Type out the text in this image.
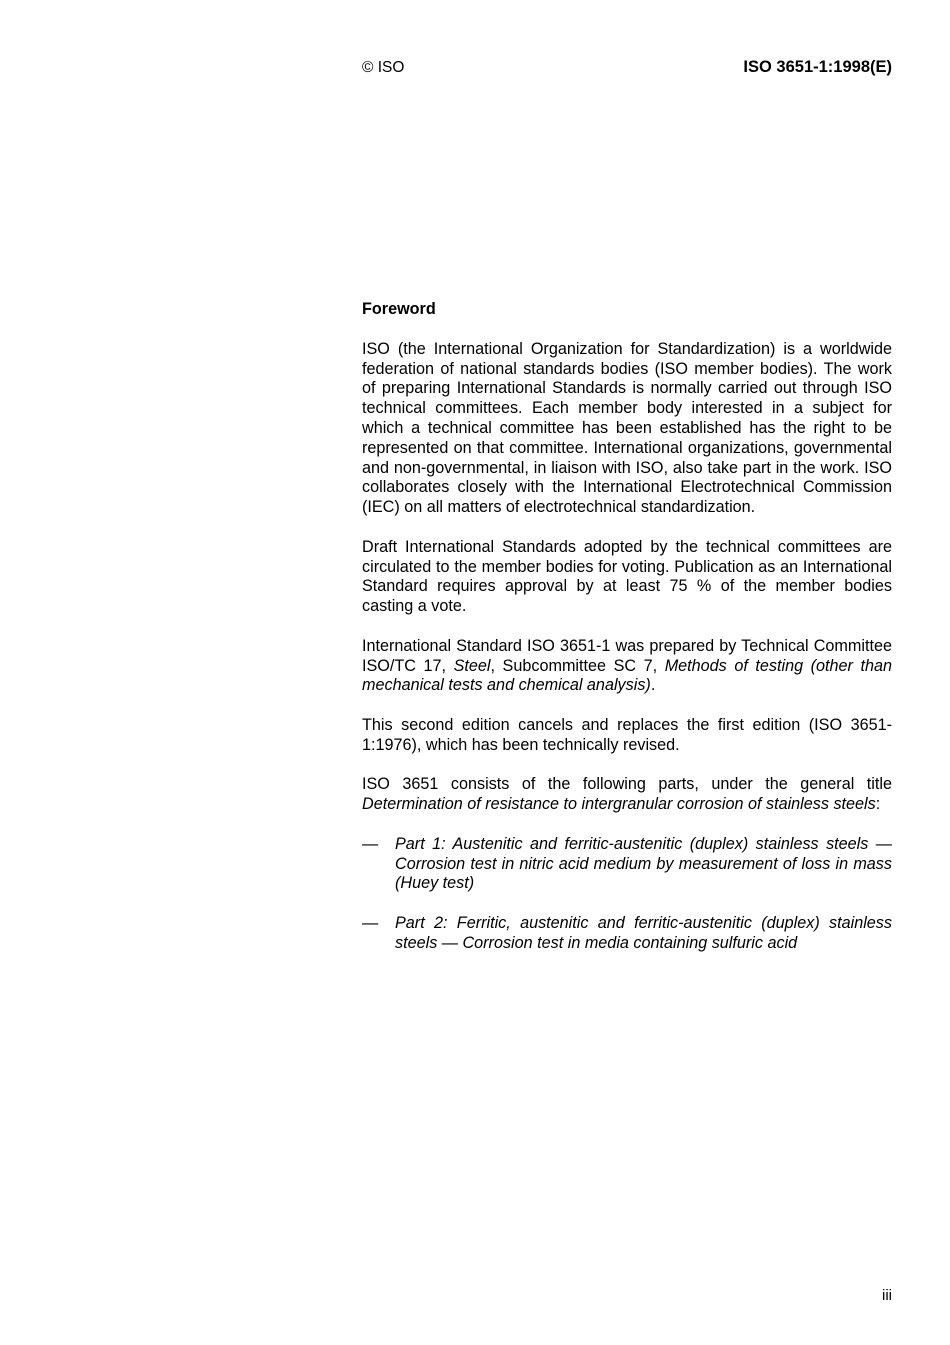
© ISO	ISO 3651-1:1998(E)
Foreword

ISO (the International Organization for Standardization) is a worldwide federation of national standards bodies (ISO member bodies). The work of preparing International Standards is normally carried out through ISO technical committees. Each member body interested in a subject for which a technical committee has been established has the right to be represented on that committee. International organizations, governmental and non-governmental, in liaison with ISO, also take part in the work. ISO collaborates closely with the International Electrotechnical Commission (IEC) on all matters of electrotechnical standardization.

Draft International Standards adopted by the technical committees are circulated to the member bodies for voting. Publication as an International Standard requires approval by at least 75 % of the member bodies casting a vote.

International Standard ISO 3651-1 was prepared by Technical Committee ISO/TC 17, Steel, Subcommittee SC 7, Methods of testing (other than mechanical tests and chemical analysis).

This second edition cancels and replaces the first edition (ISO 3651-1:1976), which has been technically revised.

ISO 3651 consists of the following parts, under the general title Determination of resistance to intergranular corrosion of stainless steels:

— Part 1: Austenitic and ferritic-austenitic (duplex) stainless steels — Corrosion test in nitric acid medium by measurement of loss in mass (Huey test)
— Part 2: Ferritic, austenitic and ferritic-austenitic (duplex) stainless steels — Corrosion test in media containing sulfuric acid
iii
